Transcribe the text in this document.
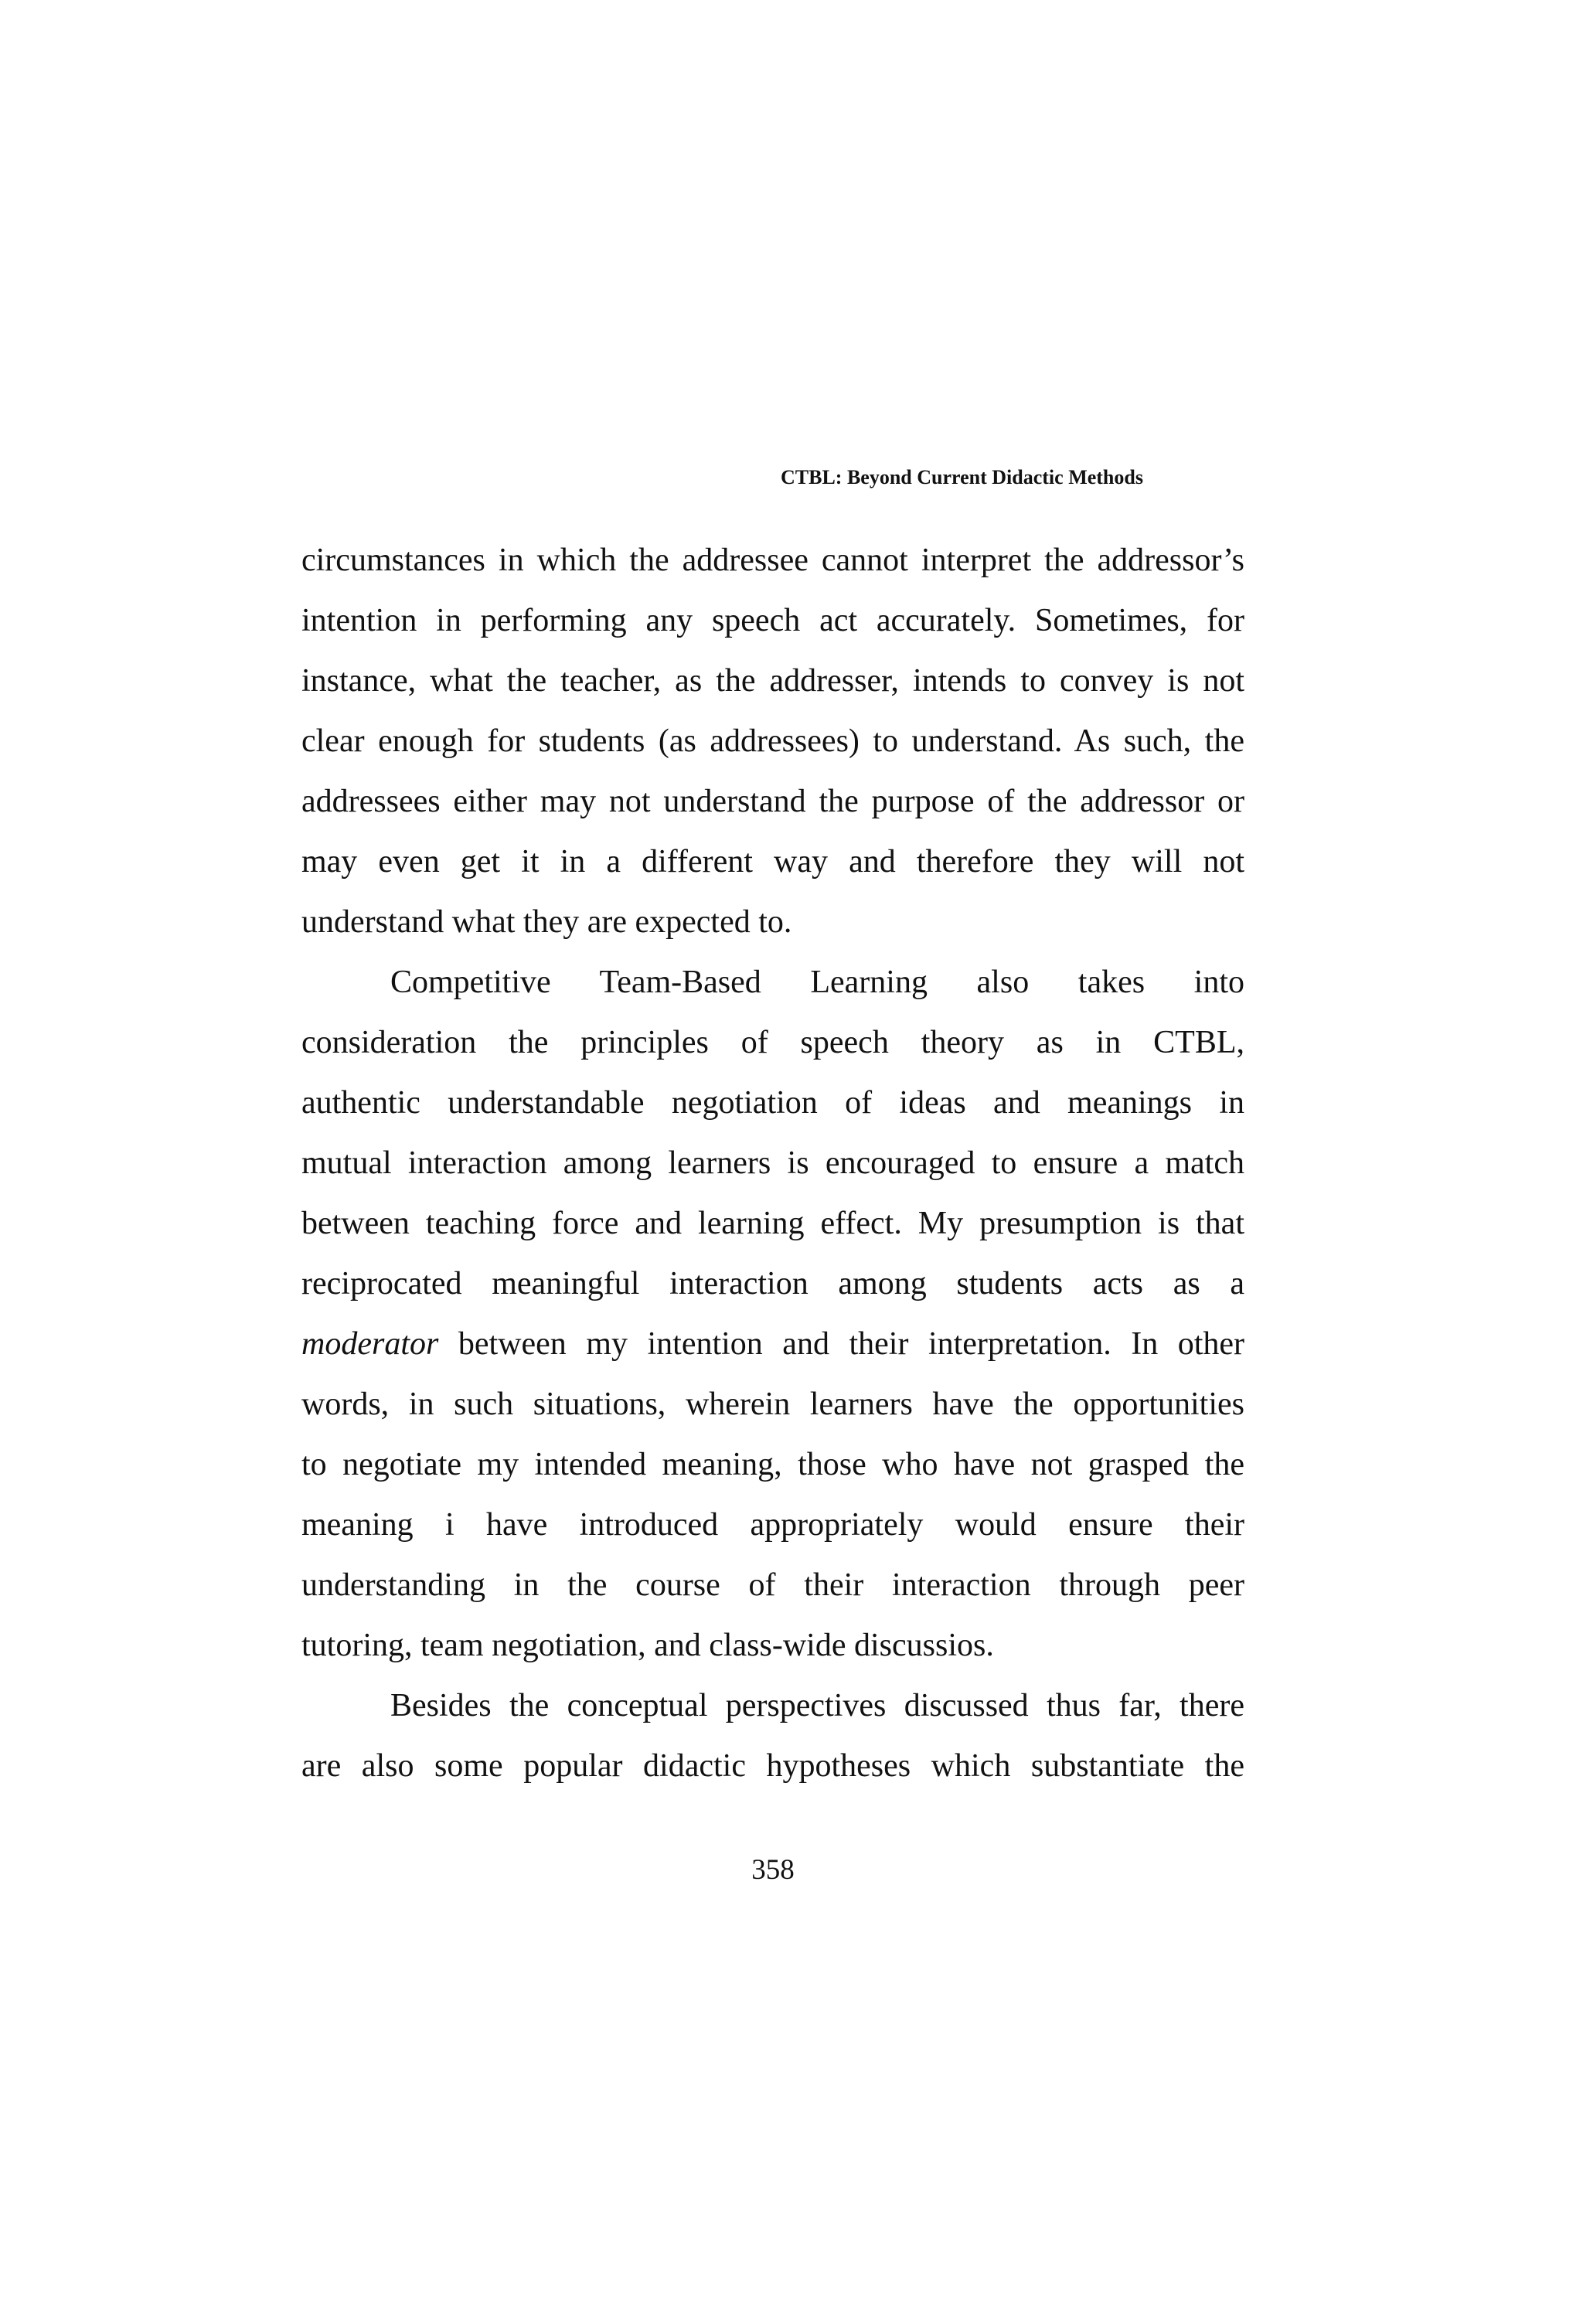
CTBL: Beyond Current Didactic Methods
circumstances in which the addressee cannot interpret the addressor’s
intention in performing any speech act accurately. Sometimes, for
instance, what the teacher, as the addresser, intends to convey is not
clear enough for students (as addressees) to understand. As such, the
addressees either may not understand the purpose of the addressor or
may even get it in a different way and therefore they will not
understand what they are expected to.
Competitive Team-Based Learning also takes into
consideration the principles of speech theory as in CTBL,
authentic understandable negotiation of ideas and meanings in
mutual interaction among learners is encouraged to ensure a match
between teaching force and learning effect. My presumption is that
reciprocated meaningful interaction among students acts as a
moderator between my intention and their interpretation. In other
words, in such situations, wherein learners have the opportunities
to negotiate my intended meaning, those who have not grasped the
meaning i have introduced appropriately would ensure their
understanding in the course of their interaction through peer
tutoring, team negotiation, and class-wide discussios.
Besides the conceptual perspectives discussed thus far, there
are also some popular didactic hypotheses which substantiate the
358
